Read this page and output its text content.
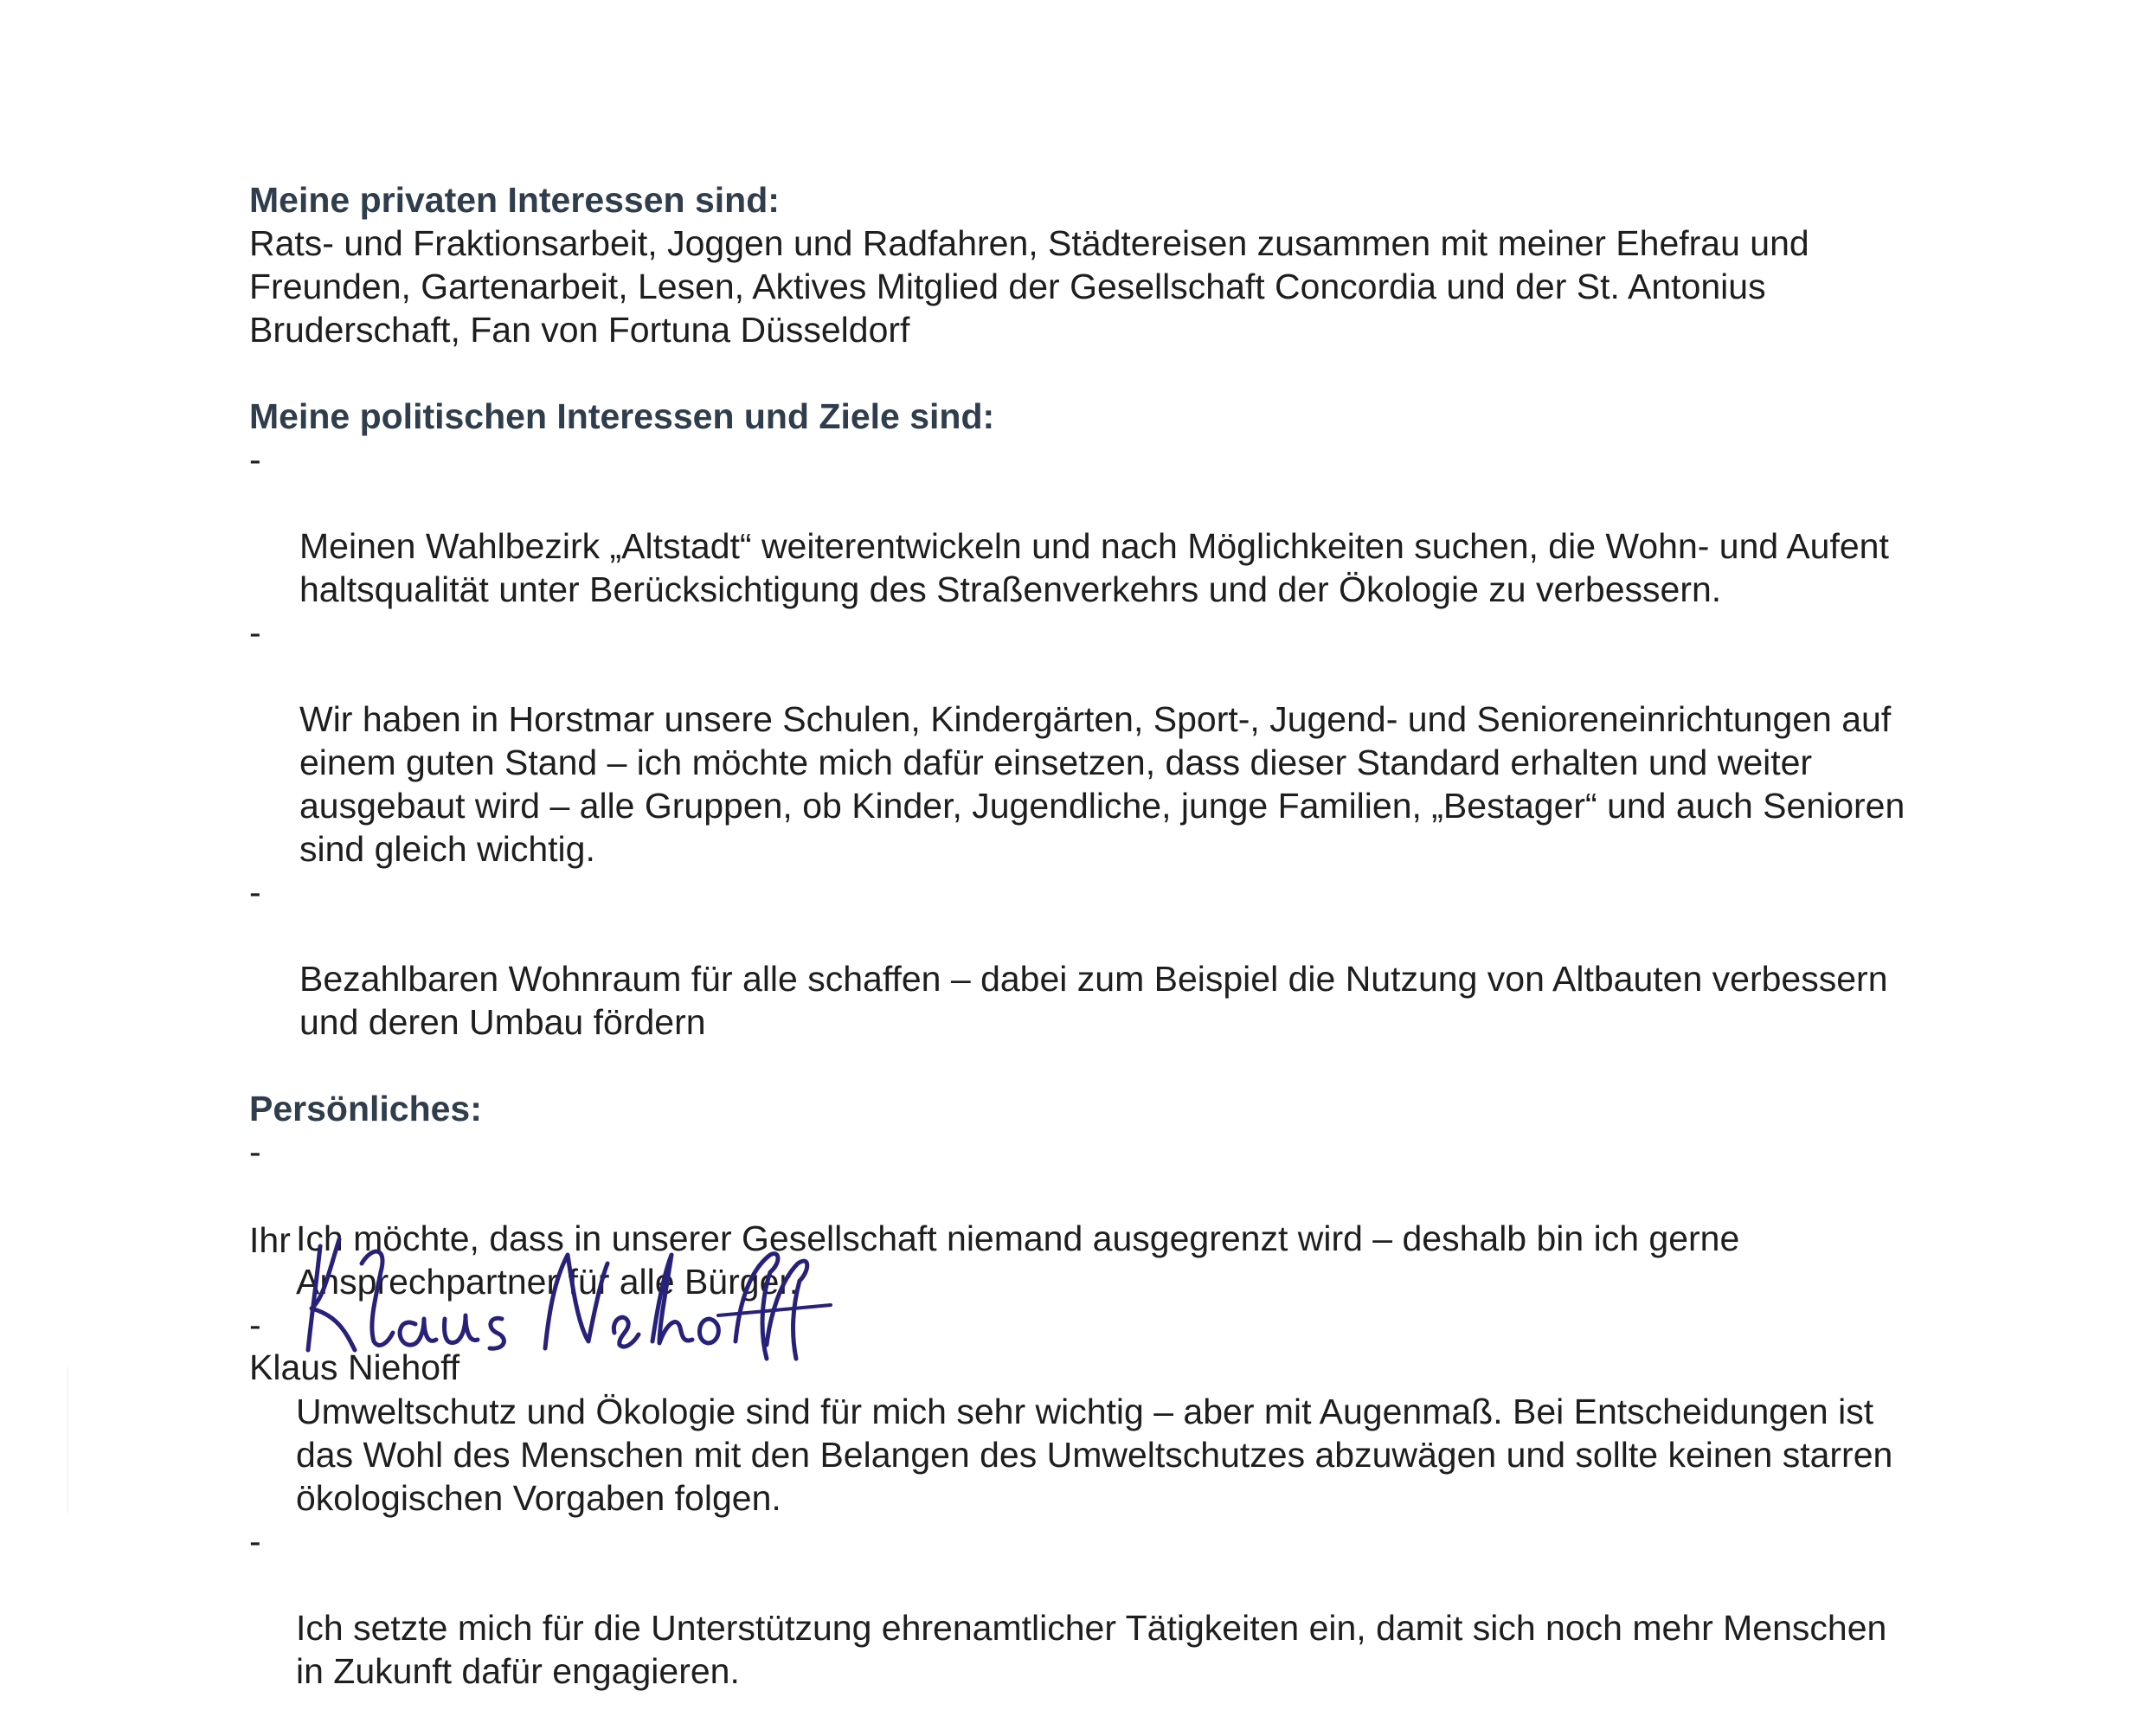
Meine privaten Interessen sind:

Rats- und Fraktionsarbeit, Joggen und Radfahren, Städtereisen zusammen mit meiner Ehefrau und
Freunden, Gartenarbeit, Lesen, Aktives Mitglied der Gesellschaft Concordia und der St. Antonius
Bruderschaft, Fan von Fortuna Düsseldorf

Meine politischen Interessen und Ziele sind:

-

Meinen Wahlbezirk „Altstadt“ weiterentwickeln und nach Möglichkeiten suchen, die Wohn- und Aufent
haltsqualität unter Berücksichtigung des Straßenverkehrs und der Ökologie zu verbessern.

-

Wir haben in Horstmar unsere Schulen, Kindergärten, Sport-, Jugend- und Senioreneinrichtungen auf
einem guten Stand – ich möchte mich dafür einsetzen, dass dieser Standard erhalten und weiter
ausgebaut wird – alle Gruppen, ob Kinder, Jugendliche, junge Familien, „Bestager“ und auch Senioren
sind gleich wichtig.

-

Bezahlbaren Wohnraum für alle schaffen – dabei zum Beispiel die Nutzung von Altbauten verbessern
und deren Umbau fördern

Persönliches:

-

Ich möchte, dass in unserer Gesellschaft niemand ausgegrenzt wird – deshalb bin ich gerne
Ansprechpartner für alle Bürger.

-

Umweltschutz und Ökologie sind für mich sehr wichtig – aber mit Augenmaß. Bei Entscheidungen ist
das Wohl des Menschen mit den Belangen des Umweltschutzes abzuwägen und sollte keinen starren
ökologischen Vorgaben folgen.

-

Ich setzte mich für die Unterstützung ehrenamtlicher Tätigkeiten ein, damit sich noch mehr Menschen
in Zukunft dafür engagieren.

Ihr
Klaus Niehoff
